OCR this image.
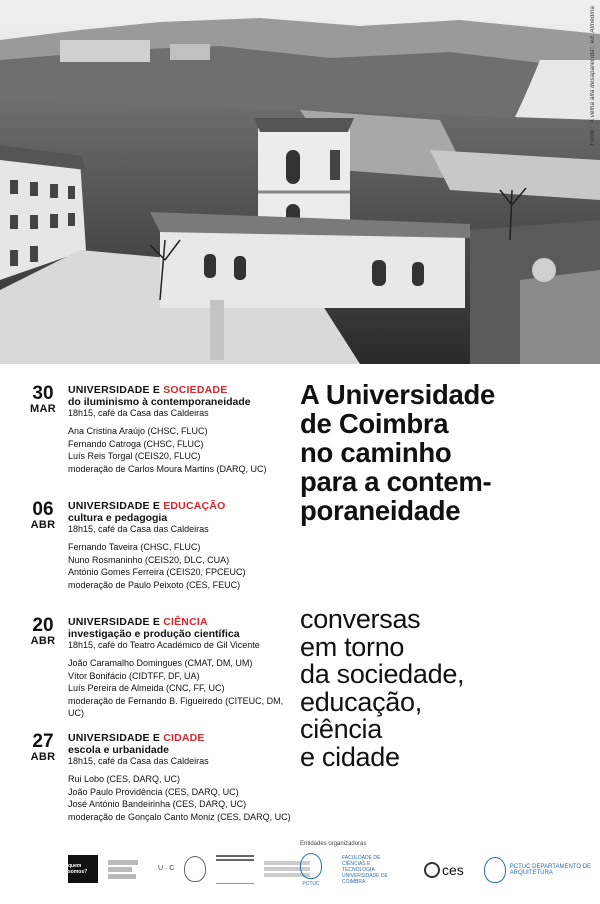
Fonte: "A velha alta desaparecida", ed. Almedina
30
MAR
UNIVERSIDADE E SOCIEDADE
do iluminismo à contemporaneidade
18h15, café da Casa das Caldeiras
Ana Cristina Araújo (CHSC, FLUC)
Fernando Catroga (CHSC, FLUC)
Luís Reis Torgal (CEIS20, FLUC)
moderação de Carlos Moura Martins (DARQ, UC)
06
ABR
UNIVERSIDADE E EDUCAÇÃO
cultura e pedagogia
18h15, café da Casa das Caldeiras
Fernando Taveira (CHSC, FLUC)
Nuno Rosmaninho (CEIS20, DLC, CUA)
António Gomes Ferreira (CEIS20, FPCEUC)
moderação de Paulo Peixoto (CES, FEUC)
20
ABR
UNIVERSIDADE E CIÊNCIA
investigação e produção científica
18h15, café do Teatro Académico de Gil Vicente
João Caramalho Domingues (CMAT, DM, UM)
Vítor Bonifácio (CIDTFF, DF, UA)
Luís Pereira de Almeida (CNC, FF, UC)
moderação de Fernando B. Figueiredo (CITEUC, DM, UC)
27
ABR
UNIVERSIDADE E CIDADE
escola e urbanidade
18h15, café da Casa das Caldeiras
Rui Lobo (CES, DARQ, UC)
João Paulo Providência (CES, DARQ, UC)
José António Bandeirinha (CES, DARQ, UC)
moderação de Gonçalo Canto Moniz (CES, DARQ, UC)
A Universidade
de Coimbra
no caminho
para a contem-
poraneidade
conversas
em torno
da sociedade,
educação,
ciência
e cidade
quem somos?	U · C
Entidades organizadoras
PCTUC
FACULDADE DE CIÊNCIAS E TECNOLOGIA UNIVERSIDADE DE COIMBRA
ces	PCTUC DEPARTAMENTO DE ARQUITETURA
